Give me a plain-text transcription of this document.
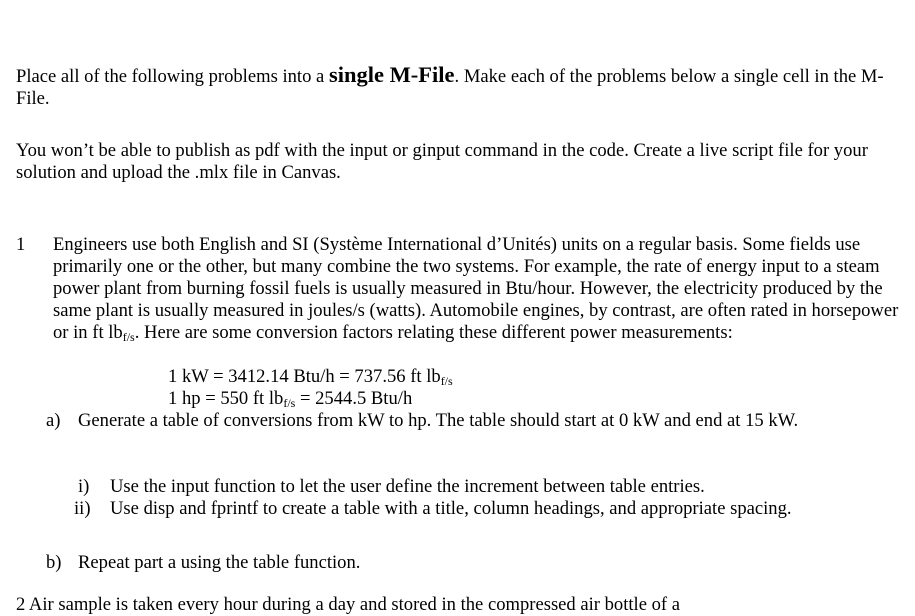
Place all of the following problems into a single M-File. Make each of the problems below a single cell in the M-File.

You won’t be able to publish as pdf with the input or ginput command in the code. Create a live script file for your solution and upload the .mlx file in Canvas.

1 Engineers use both English and SI (Système International d’Unités) units on a regular basis. Some fields use primarily one or the other, but many combine the two systems. For example, the rate of energy input to a steam power plant from burning fossil fuels is usually measured in Btu/hour. However, the electricity produced by the same plant is usually measured in joules/s (watts). Automobile engines, by contrast, are often rated in horsepower or in ft $lb_{f/s}$. Here are some conversion factors relating these different power measurements:

1 kW = 3412.14 Btu/h = 737.56 ft $lb_{f/s}$
1 hp = 550 ft $lb_{f/s} = 2544.5$ Btu/h
a) Generate a table of conversions from kW to hp. The table should start at 0 kW and end at 15 kW.

i) Use the input function to let the user define the increment between table entries.

ii) Use disp and fprintf to create a table with a title, column headings, and appropriate spacing.

b) Repeat part a using the table function.

2 Air sample is taken every hour during a day and stored in the compressed air bottle of a
